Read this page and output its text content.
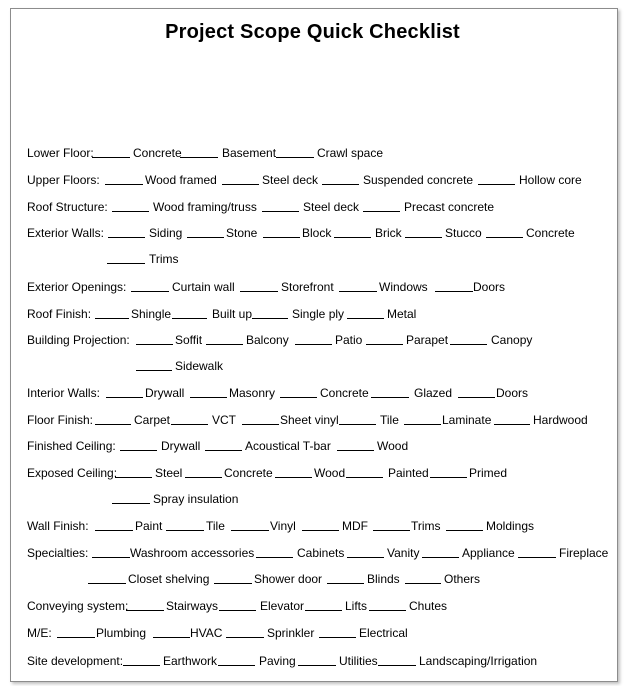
Project Scope Quick Checklist
Lower Floor:	Concrete	Basement	Crawl space
Upper Floors:	Wood framed	Steel deck	Suspended concrete	Hollow core
Roof Structure:	Wood framing/truss	Steel deck	Precast concrete
Exterior Walls:	Siding	Stone	Block	Brick	Stucco	Concrete
Trims
Exterior Openings:	Curtain wall	Storefront	Windows	Doors
Roof Finish:	Shingle	Built up	Single ply	Metal
Building Projection:	Soffit	Balcony	Patio	Parapet	Canopy
Sidewalk
Interior Walls:	Drywall	Masonry	Concrete	Glazed	Doors
Floor Finish:	Carpet	VCT	Sheet vinyl	Tile	Laminate	Hardwood
Finished Ceiling:	Drywall	Acoustical T-bar	Wood
Exposed Ceiling:	Steel	Concrete	Wood	Painted	Primed
Spray insulation
Wall Finish:	Paint	Tile	Vinyl	MDF	Trims	Moldings
Specialties:	Washroom accessories	Cabinets	Vanity	Appliance	Fireplace
Closet shelving	Shower door	Blinds	Others
Conveying system:	Stairways	Elevator	Lifts	Chutes
M/E:	Plumbing	HVAC	Sprinkler	Electrical
Site development:	Earthwork	Paving	Utilities	Landscaping/Irrigation
